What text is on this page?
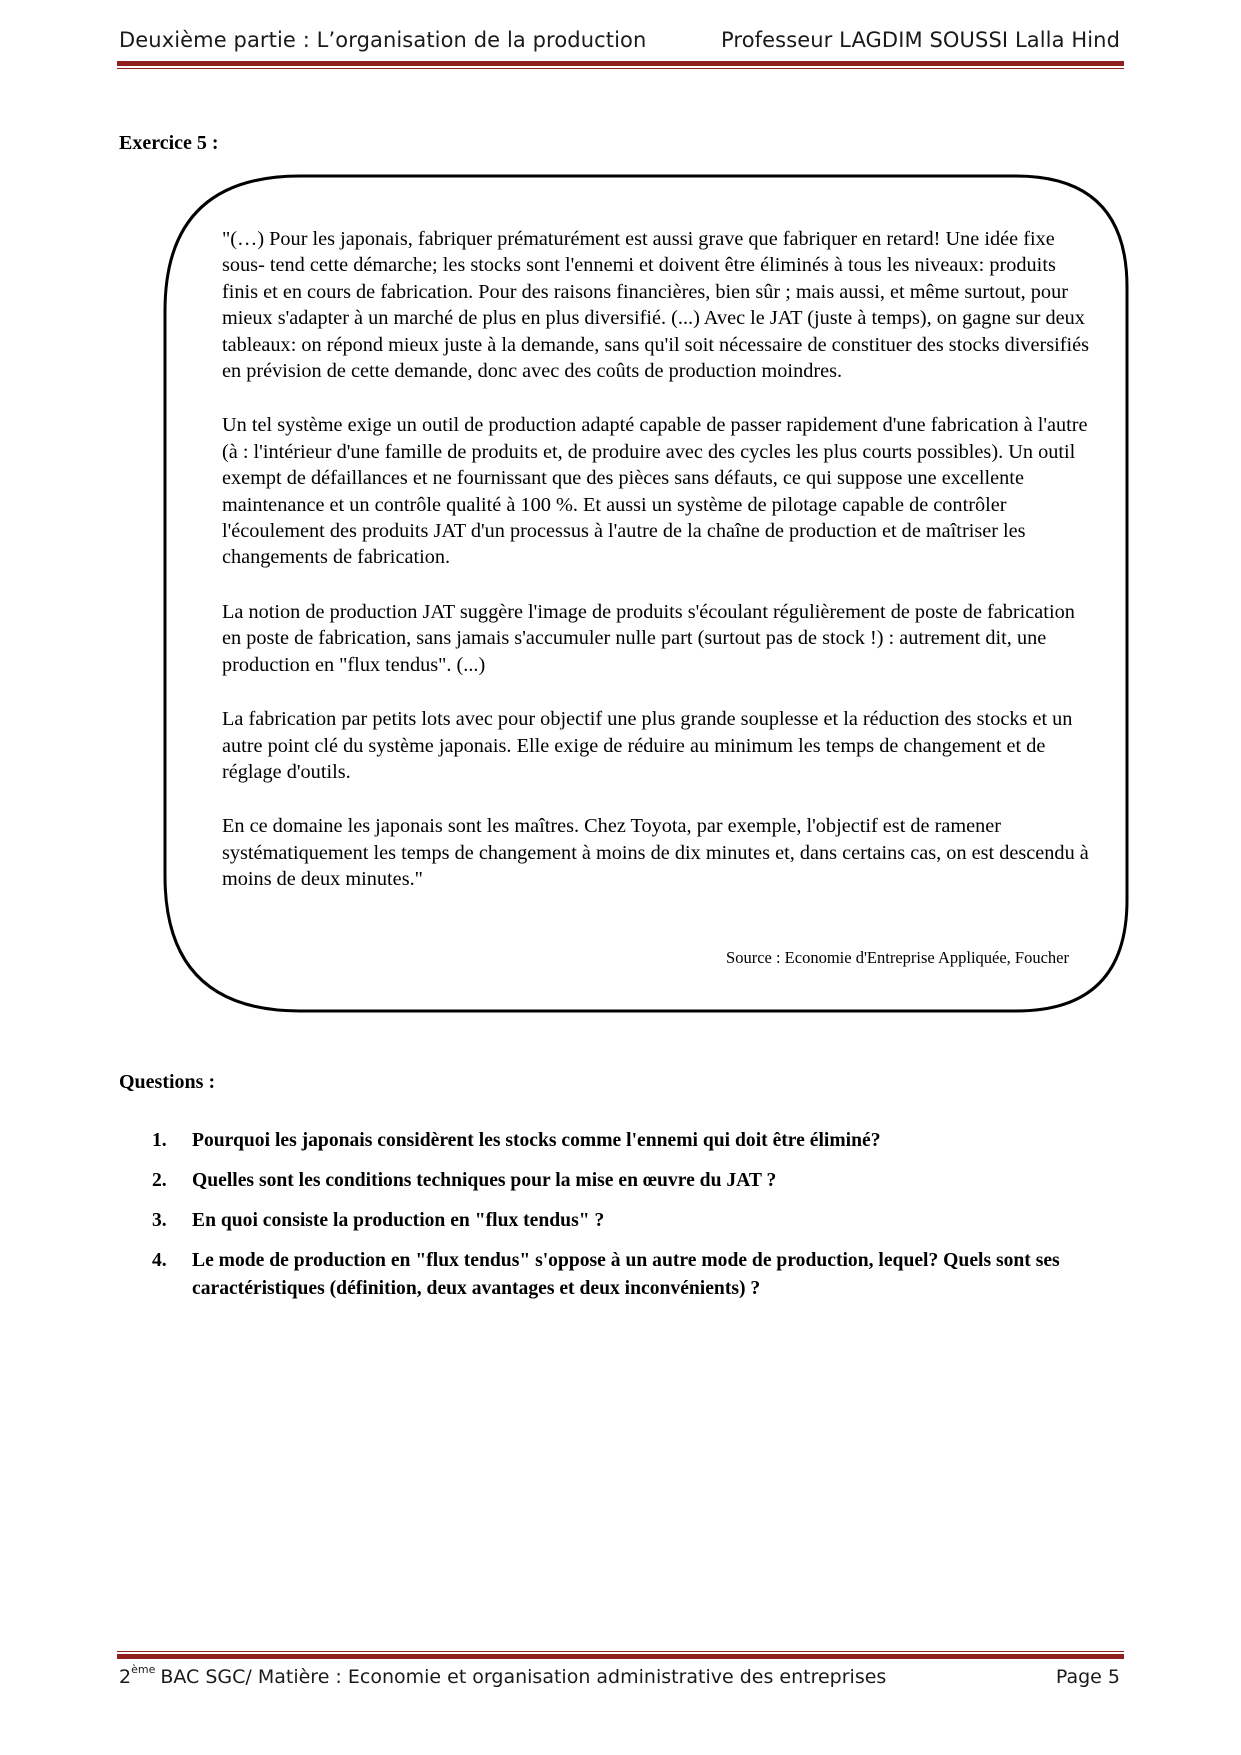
Deuxième partie : L’organisation de la production	Professeur LAGDIM SOUSSI Lalla Hind
Exercice 5 :

"(…) Pour les japonais, fabriquer prématurément est aussi grave que fabriquer en retard! Une idée fixe sous- tend cette démarche; les stocks sont l'ennemi et doivent être éliminés à tous les niveaux: produits finis et en cours de fabrication. Pour des raisons financières, bien sûr ; mais aussi, et même surtout, pour mieux s'adapter à un marché de plus en plus diversifié. (...) Avec le JAT (juste à temps), on gagne sur deux tableaux: on répond mieux juste à la demande, sans qu'il soit nécessaire de constituer des stocks diversifiés en prévision de cette demande, donc avec des coûts de production moindres.

Un tel système exige un outil de production adapté capable de passer rapidement d'une fabrication à l'autre (à : l'intérieur d'une famille de produits et, de produire avec des cycles les plus courts possibles). Un outil exempt de défaillances et ne fournissant que des pièces sans défauts, ce qui suppose une excellente maintenance et un contrôle qualité à 100 %. Et aussi un système de pilotage capable de contrôler l'écoulement des produits JAT d'un processus à l'autre de la chaîne de production et de maîtriser les changements de fabrication.

La notion de production JAT suggère l'image de produits s'écoulant régulièrement de poste de fabrication en poste de fabrication, sans jamais s'accumuler nulle part (surtout pas de stock !) : autrement dit, une production en "flux tendus". (...)

La fabrication par petits lots avec pour objectif une plus grande souplesse et la réduction des stocks et un autre point clé du système japonais. Elle exige de réduire au minimum les temps de changement et de réglage d'outils.

En ce domaine les japonais sont les maîtres. Chez Toyota, par exemple, l'objectif est de ramener systématiquement les temps de changement à moins de dix minutes et, dans certains cas, on est descendu à moins de deux minutes."

Source : Economie d'Entreprise Appliquée, Foucher
Questions :
1. Pourquoi les japonais considèrent les stocks comme l'ennemi qui doit être éliminé?
2. Quelles sont les conditions techniques pour la mise en œuvre du JAT ?
3. En quoi consiste la production en "flux tendus" ?
4. Le mode de production en "flux tendus" s'oppose à un autre mode de production, lequel? Quels sont ses caractéristiques (définition, deux avantages et deux inconvénients) ?
2ème BAC SGC/ Matière : Economie et organisation administrative des entreprises	Page 5
